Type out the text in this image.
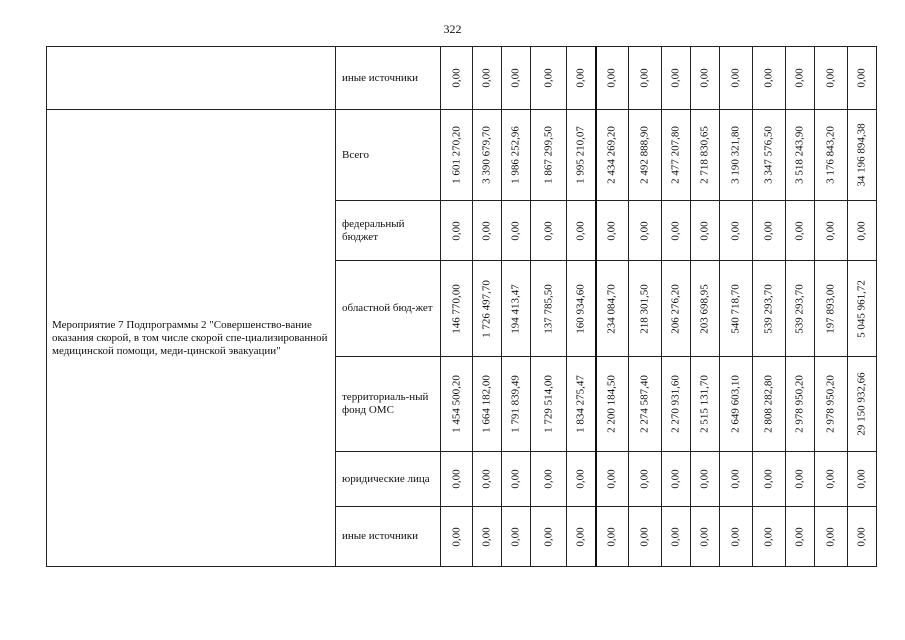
322
	иные источники	0,00	0,00	0,00	0,00	0,00	0,00	0,00	0,00	0,00	0,00	0,00	0,00	0,00	0,00

Мероприятие 7 Подпрограммы 2 "Совершенство-вание оказания скорой, в том числе скорой спе-циализированной медицинской помощи, меди-цинской эвакуации"	Всего	1 601 270,20	3 390 679,70	1 986 252,96	1 867 299,50	1 995 210,07	2 434 269,20	2 492 888,90	2 477 207,80	2 718 830,65	3 190 321,80	3 347 576,50	3 518 243,90	3 176 843,20	34 196 894,38

	федеральный бюджет	0,00	0,00	0,00	0,00	0,00	0,00	0,00	0,00	0,00	0,00	0,00	0,00	0,00	0,00

	областной бюд-жет	146 770,00	1 726 497,70	194 413,47	137 785,50	160 934,60	234 084,70	218 301,50	206 276,20	203 698,95	540 718,70	539 293,70	539 293,70	197 893,00	5 045 961,72

	территориаль-ный фонд ОМС	1 454 500,20	1 664 182,00	1 791 839,49	1 729 514,00	1 834 275,47	2 200 184,50	2 274 587,40	2 270 931,60	2 515 131,70	2 649 603,10	2 808 282,80	2 978 950,20	2 978 950,20	29 150 932,66

	юридические лица	0,00	0,00	0,00	0,00	0,00	0,00	0,00	0,00	0,00	0,00	0,00	0,00	0,00	0,00

	иные источники	0,00	0,00	0,00	0,00	0,00	0,00	0,00	0,00	0,00	0,00	0,00	0,00	0,00	0,00
